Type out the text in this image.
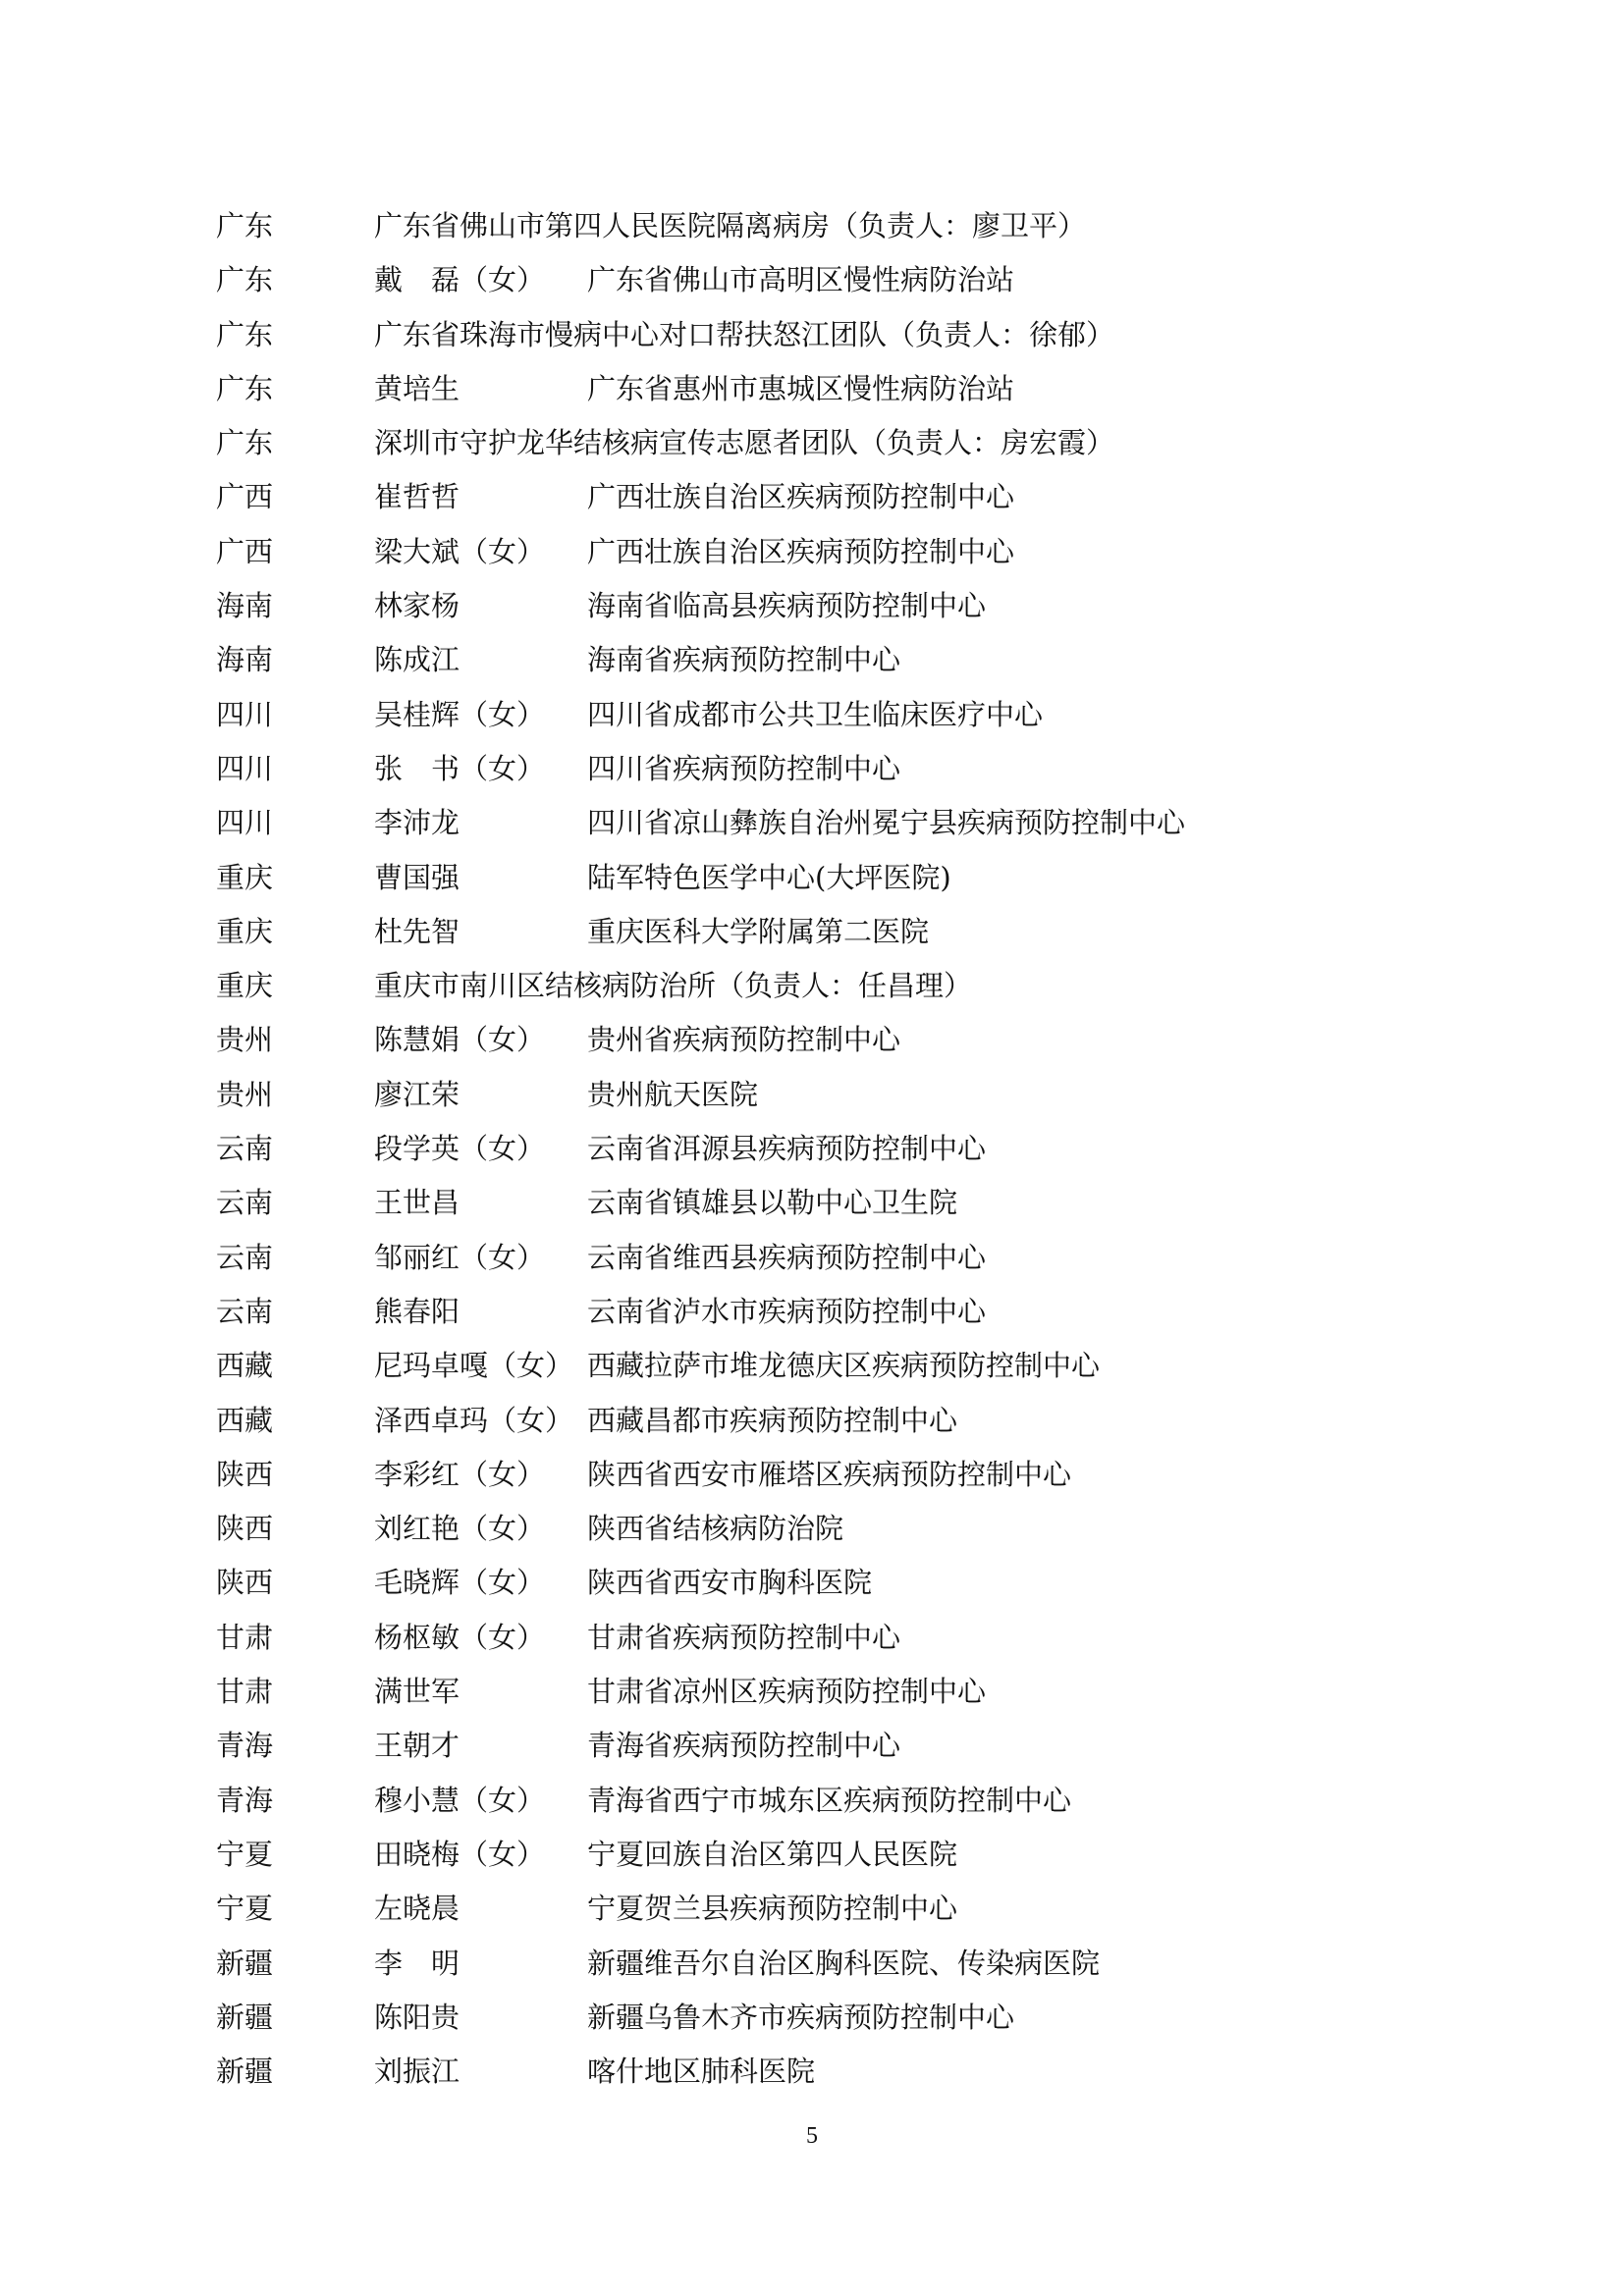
广东	广东省佛山市第四人民医院隔离病房（负责人：廖卫平）
广东	戴　磊（女） 广东省佛山市高明区慢性病防治站
广东	广东省珠海市慢病中心对口帮扶怒江团队（负责人：徐郁）
广东	黄培生	广东省惠州市惠城区慢性病防治站
广东	深圳市守护龙华结核病宣传志愿者团队（负责人：房宏霞）
广西	崔哲哲	广西壮族自治区疾病预防控制中心
广西	梁大斌（女） 广西壮族自治区疾病预防控制中心
海南	林家杨	海南省临高县疾病预防控制中心
海南	陈成江	海南省疾病预防控制中心
四川	吴桂辉（女） 四川省成都市公共卫生临床医疗中心
四川	张　书（女） 四川省疾病预防控制中心
四川	李沛龙	四川省凉山彝族自治州冕宁县疾病预防控制中心
重庆	曹国强	陆军特色医学中心(大坪医院)
重庆	杜先智	重庆医科大学附属第二医院
重庆	重庆市南川区结核病防治所（负责人：任昌理）
贵州	陈慧娟（女） 贵州省疾病预防控制中心
贵州	廖江荣	贵州航天医院
云南	段学英（女） 云南省洱源县疾病预防控制中心
云南	王世昌	云南省镇雄县以勒中心卫生院
云南	邹丽红（女） 云南省维西县疾病预防控制中心
云南	熊春阳	云南省泸水市疾病预防控制中心
西藏	尼玛卓嘎（女） 西藏拉萨市堆龙德庆区疾病预防控制中心
西藏	泽西卓玛（女） 西藏昌都市疾病预防控制中心
陕西	李彩红（女） 陕西省西安市雁塔区疾病预防控制中心
陕西	刘红艳（女） 陕西省结核病防治院
陕西	毛晓辉（女） 陕西省西安市胸科医院
甘肃	杨枢敏（女） 甘肃省疾病预防控制中心
甘肃	满世军	甘肃省凉州区疾病预防控制中心
青海	王朝才	青海省疾病预防控制中心
青海	穆小慧（女） 青海省西宁市城东区疾病预防控制中心
宁夏	田晓梅（女） 宁夏回族自治区第四人民医院
宁夏	左晓晨	宁夏贺兰县疾病预防控制中心
新疆	李　明	新疆维吾尔自治区胸科医院、传染病医院
新疆	陈阳贵	新疆乌鲁木齐市疾病预防控制中心
新疆	刘振江	喀什地区肺科医院
5
